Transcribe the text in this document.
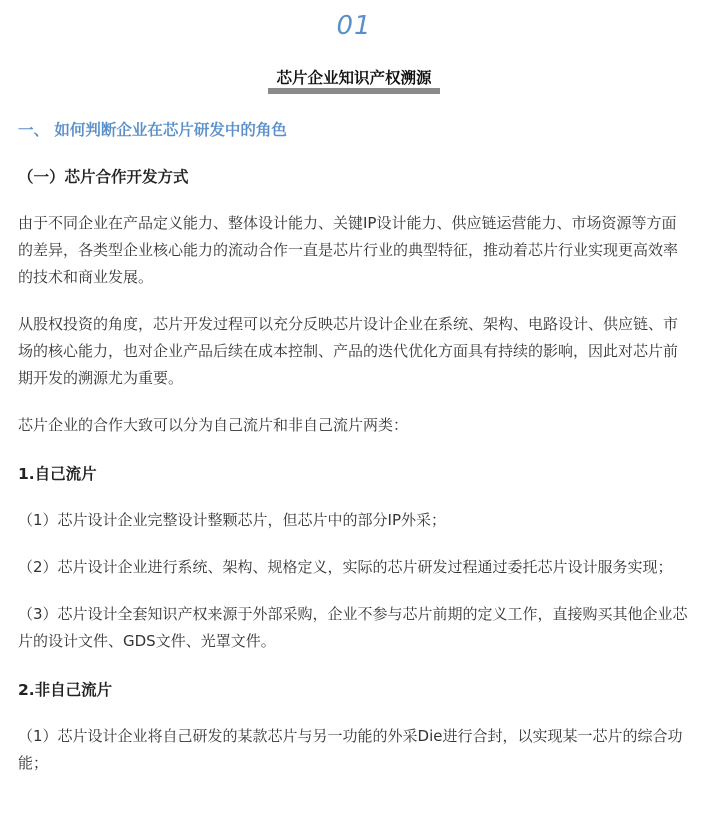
01
芯片企业知识产权溯源
一、 如何判断企业在芯片研发中的角色
（一）芯片合作开发方式

由于不同企业在产品定义能力、整体设计能力、关键IP设计能力、供应链运营能力、市场资源等方面的差异，各类型企业核心能力的流动合作一直是芯片行业的典型特征，推动着芯片行业实现更高效率的技术和商业发展。

从股权投资的角度，芯片开发过程可以充分反映芯片设计企业在系统、架构、电路设计、供应链、市场的核心能力，也对企业产品后续在成本控制、产品的迭代优化方面具有持续的影响，因此对芯片前期开发的溯源尤为重要。

芯片企业的合作大致可以分为自己流片和非自己流片两类：

1.自己流片

（1）芯片设计企业完整设计整颗芯片，但芯片中的部分IP外采；

（2）芯片设计企业进行系统、架构、规格定义，实际的芯片研发过程通过委托芯片设计服务实现；

（3）芯片设计全套知识产权来源于外部采购，企业不参与芯片前期的定义工作，直接购买其他企业芯片的设计文件、GDS文件、光罩文件。

2.非自己流片

（1）芯片设计企业将自己研发的某款芯片与另一功能的外采Die进行合封，以实现某一芯片的综合功能；
